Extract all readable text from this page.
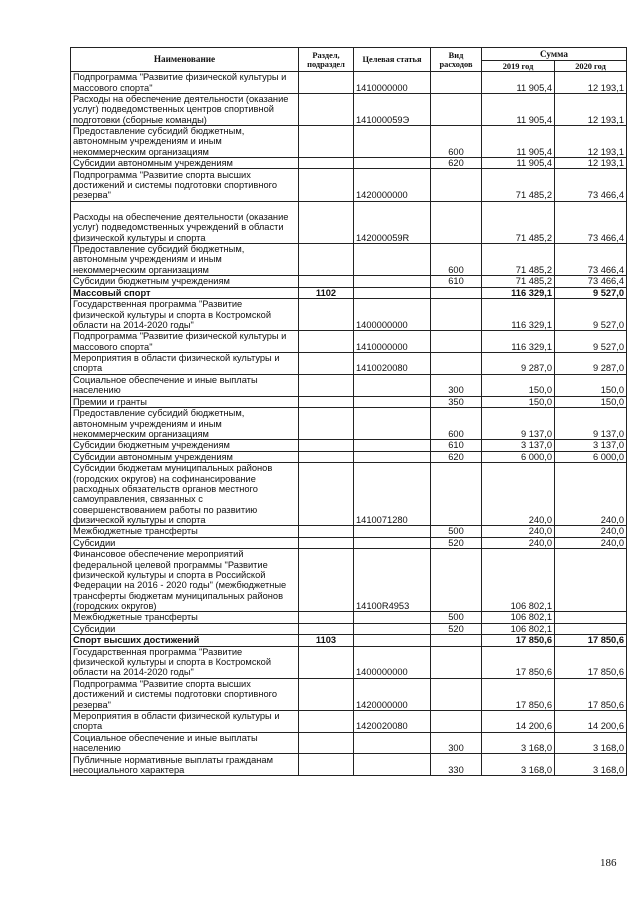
Наименование	Раздел, подраздел	Целевая статья	Вид расходов	Сумма	
				2019 год	2020 год
Подпрограмма "Развитие физической культуры и массового спорта"		1410000000		11 905,4	12 193,1
Расходы на обеспечение деятельности (оказание услуг) подведомственных центров спортивной подготовки (сборные команды)		141000059Э		11 905,4	12 193,1
Предоставление субсидий бюджетным, автономным учреждениям и иным некоммерческим организациям			600	11 905,4	12 193,1
Субсидии автономным учреждениям			620	11 905,4	12 193,1
Подпрограмма "Развитие спорта высших достижений и системы подготовки спортивного резерва"		1420000000		71 485,2	73 466,4
Расходы на обеспечение деятельности (оказание услуг) подведомственных учреждений в области физической культуры и спорта		142000059R		71 485,2	73 466,4
Предоставление субсидий бюджетным, автономным учреждениям и иным некоммерческим организациям			600	71 485,2	73 466,4
Субсидии бюджетным учреждениям			610	71 485,2	73 466,4
Массовый спорт	1102			116 329,1	9 527,0
Государственная программа "Развитие физической культуры и спорта в Костромской области на 2014-2020 годы"		1400000000		116 329,1	9 527,0
Подпрограмма "Развитие физической культуры и массового спорта"		1410000000		116 329,1	9 527,0
Мероприятия в области физической культуры и спорта		1410020080		9 287,0	9 287,0
Социальное обеспечение и иные выплаты населению			300	150,0	150,0
Премии и гранты			350	150,0	150,0
Предоставление субсидий бюджетным, автономным учреждениям и иным некоммерческим организациям			600	9 137,0	9 137,0
Субсидии бюджетным учреждениям			610	3 137,0	3 137,0
Субсидии автономным учреждениям			620	6 000,0	6 000,0
Субсидии бюджетам муниципальных районов (городских округов) на софинансирование расходных обязательств органов местного самоуправления, связанных с совершенствованием работы по развитию физической культуры и спорта		1410071280		240,0	240,0
Межбюджетные трансферты			500	240,0	240,0
Субсидии			520	240,0	240,0
Финансовое обеспечение мероприятий федеральной целевой программы "Развитие физической культуры и спорта в Российской Федерации на 2016 - 2020 годы" (межбюджетные трансферты бюджетам муниципальных районов (городских округов)		14100R4953		106 802,1	
Межбюджетные трансферты			500	106 802,1	
Субсидии			520	106 802,1	
Спорт высших достижений	1103			17 850,6	17 850,6
Государственная программа "Развитие физической культуры и спорта в Костромской области на 2014-2020 годы"		1400000000		17 850,6	17 850,6
Подпрограмма "Развитие спорта высших достижений и системы подготовки спортивного резерва"		1420000000		17 850,6	17 850,6
Мероприятия в области физической культуры и спорта		1420020080		14 200,6	14 200,6
Социальное обеспечение и иные выплаты населению			300	3 168,0	3 168,0
Публичные нормативные выплаты гражданам несоциального характера			330	3 168,0	3 168,0
186
